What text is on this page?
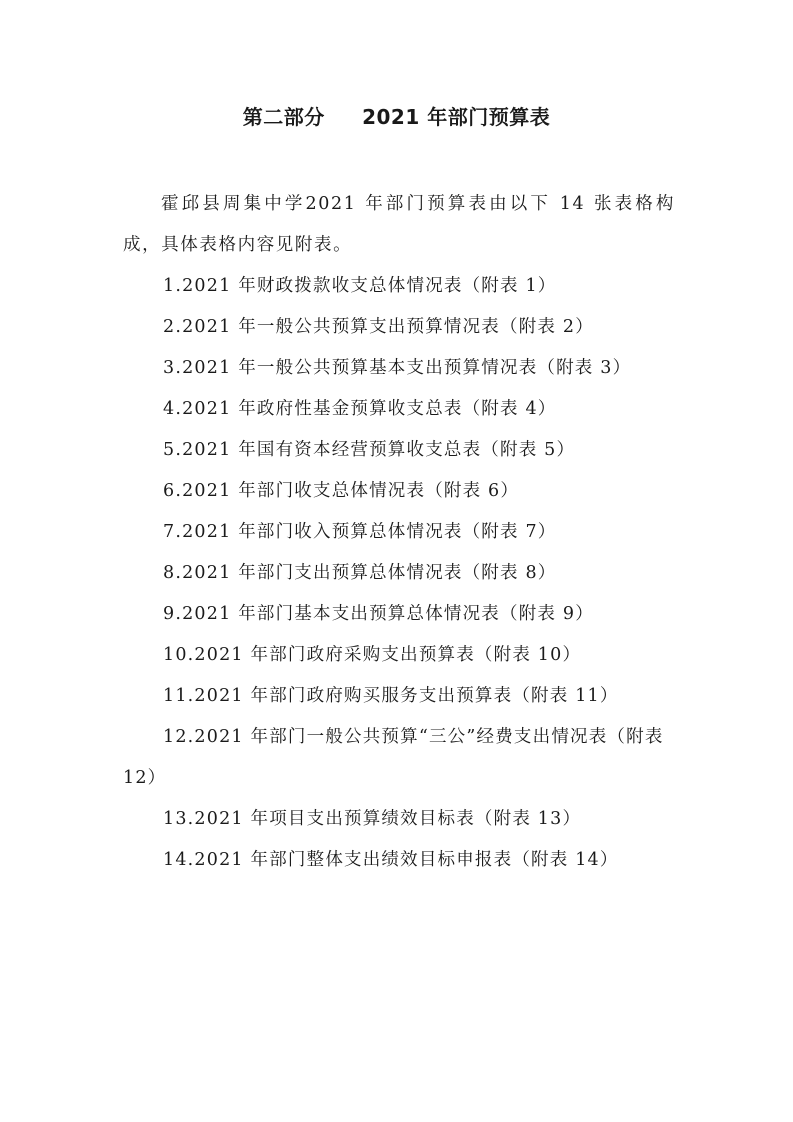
第二部分     2021 年部门预算表

霍邱县周集中学2021 年部门预算表由以下 14 张表格构成，具体表格内容见附表。

1.2021 年财政拨款收支总体情况表（附表 1）
2.2021 年一般公共预算支出预算情况表（附表 2）
3.2021 年一般公共预算基本支出预算情况表（附表 3）
4.2021 年政府性基金预算收支总表（附表 4）
5.2021 年国有资本经营预算收支总表（附表 5）
6.2021 年部门收支总体情况表（附表 6）
7.2021 年部门收入预算总体情况表（附表 7）
8.2021 年部门支出预算总体情况表（附表 8）
9.2021 年部门基本支出预算总体情况表（附表 9）
10.2021 年部门政府采购支出预算表（附表 10）
11.2021 年部门政府购买服务支出预算表（附表 11）
12.2021 年部门一般公共预算“三公”经费支出情况表（附表 12）
13.2021 年项目支出预算绩效目标表（附表 13）
14.2021 年部门整体支出绩效目标申报表（附表 14）
